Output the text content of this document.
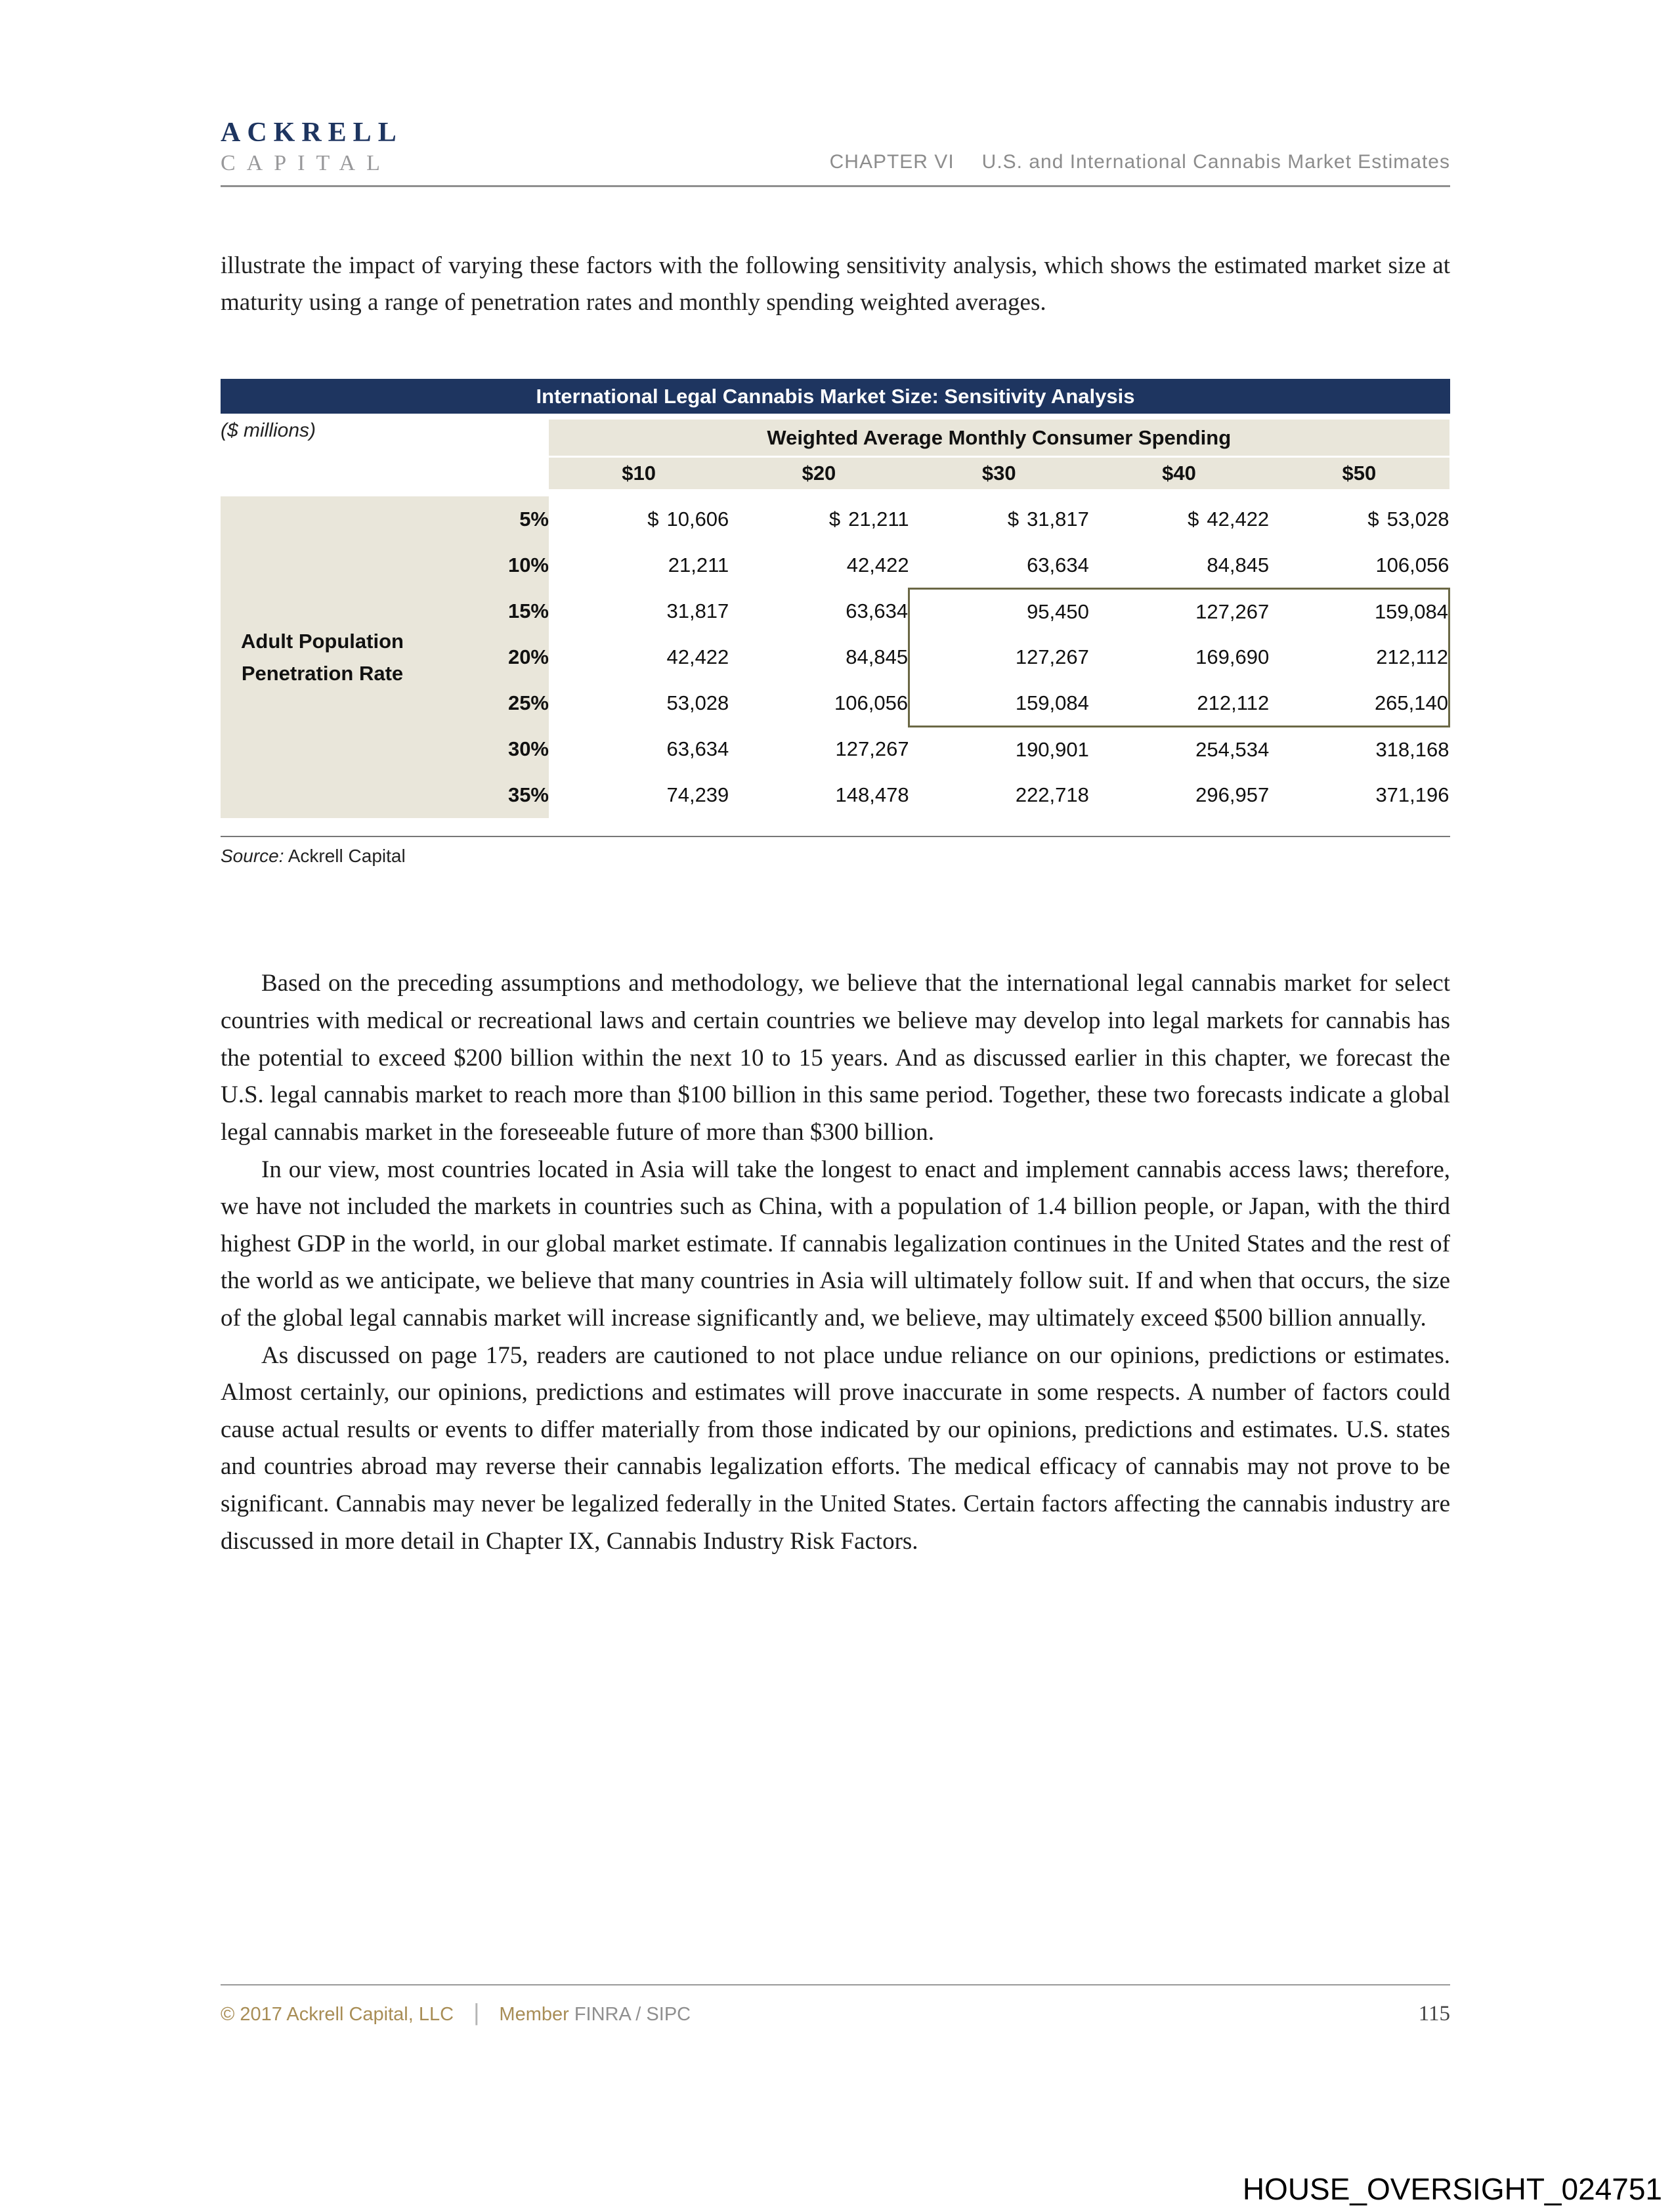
ACKRELL
CAPITAL	CHAPTER VI U.S. and International Cannabis Market Estimates

illustrate the impact of varying these factors with the following sensitivity analysis, which shows the estimated market size at maturity using a range of penetration rates and monthly spending weighted averages.

International Legal Cannabis Market Size: Sensitivity Analysis
($ millions)		Weighted Average Monthly Consumer Spending				
		$10	$20	$30	$40	$50

Adult Population Penetration Rate	5%	$ 10,606	$ 21,211	$ 31,817	$ 42,422	$ 53,028
	10%	21,211	42,422	63,634	84,845	106,056
	15%	31,817	63,634	95,450	127,267	159,084
	20%	42,422	84,845	127,267	169,690	212,112
	25%	53,028	106,056	159,084	212,112	265,140
	30%	63,634	127,267	190,901	254,534	318,168
	35%	74,239	148,478	222,718	296,957	371,196
Source: Ackrell Capital

Based on the preceding assumptions and methodology, we believe that the international legal cannabis market for select countries with medical or recreational laws and certain countries we believe may develop into legal markets for cannabis has the potential to exceed $200 billion within the next 10 to 15 years. And as discussed earlier in this chapter, we forecast the U.S. legal cannabis market to reach more than $100 billion in this same period. Together, these two forecasts indicate a global legal cannabis market in the foreseeable future of more than $300 billion.

In our view, most countries located in Asia will take the longest to enact and implement cannabis access laws; therefore, we have not included the markets in countries such as China, with a population of 1.4 billion people, or Japan, with the third highest GDP in the world, in our global market estimate. If cannabis legalization continues in the United States and the rest of the world as we anticipate, we believe that many countries in Asia will ultimately follow suit. If and when that occurs, the size of the global legal cannabis market will increase significantly and, we believe, may ultimately exceed $500 billion annually.

As discussed on page 175, readers are cautioned to not place undue reliance on our opinions, predictions or estimates. Almost certainly, our opinions, predictions and estimates will prove inaccurate in some respects. A number of factors could cause actual results or events to differ materially from those indicated by our opinions, predictions and estimates. U.S. states and countries abroad may reverse their cannabis legalization efforts. The medical efficacy of cannabis may not prove to be significant. Cannabis may never be legalized federally in the United States. Certain factors affecting the cannabis industry are discussed in more detail in Chapter IX, Cannabis Industry Risk Factors.

© 2017 Ackrell Capital, LLC | Member FINRA / SIPC	115
HOUSE_OVERSIGHT_024751
